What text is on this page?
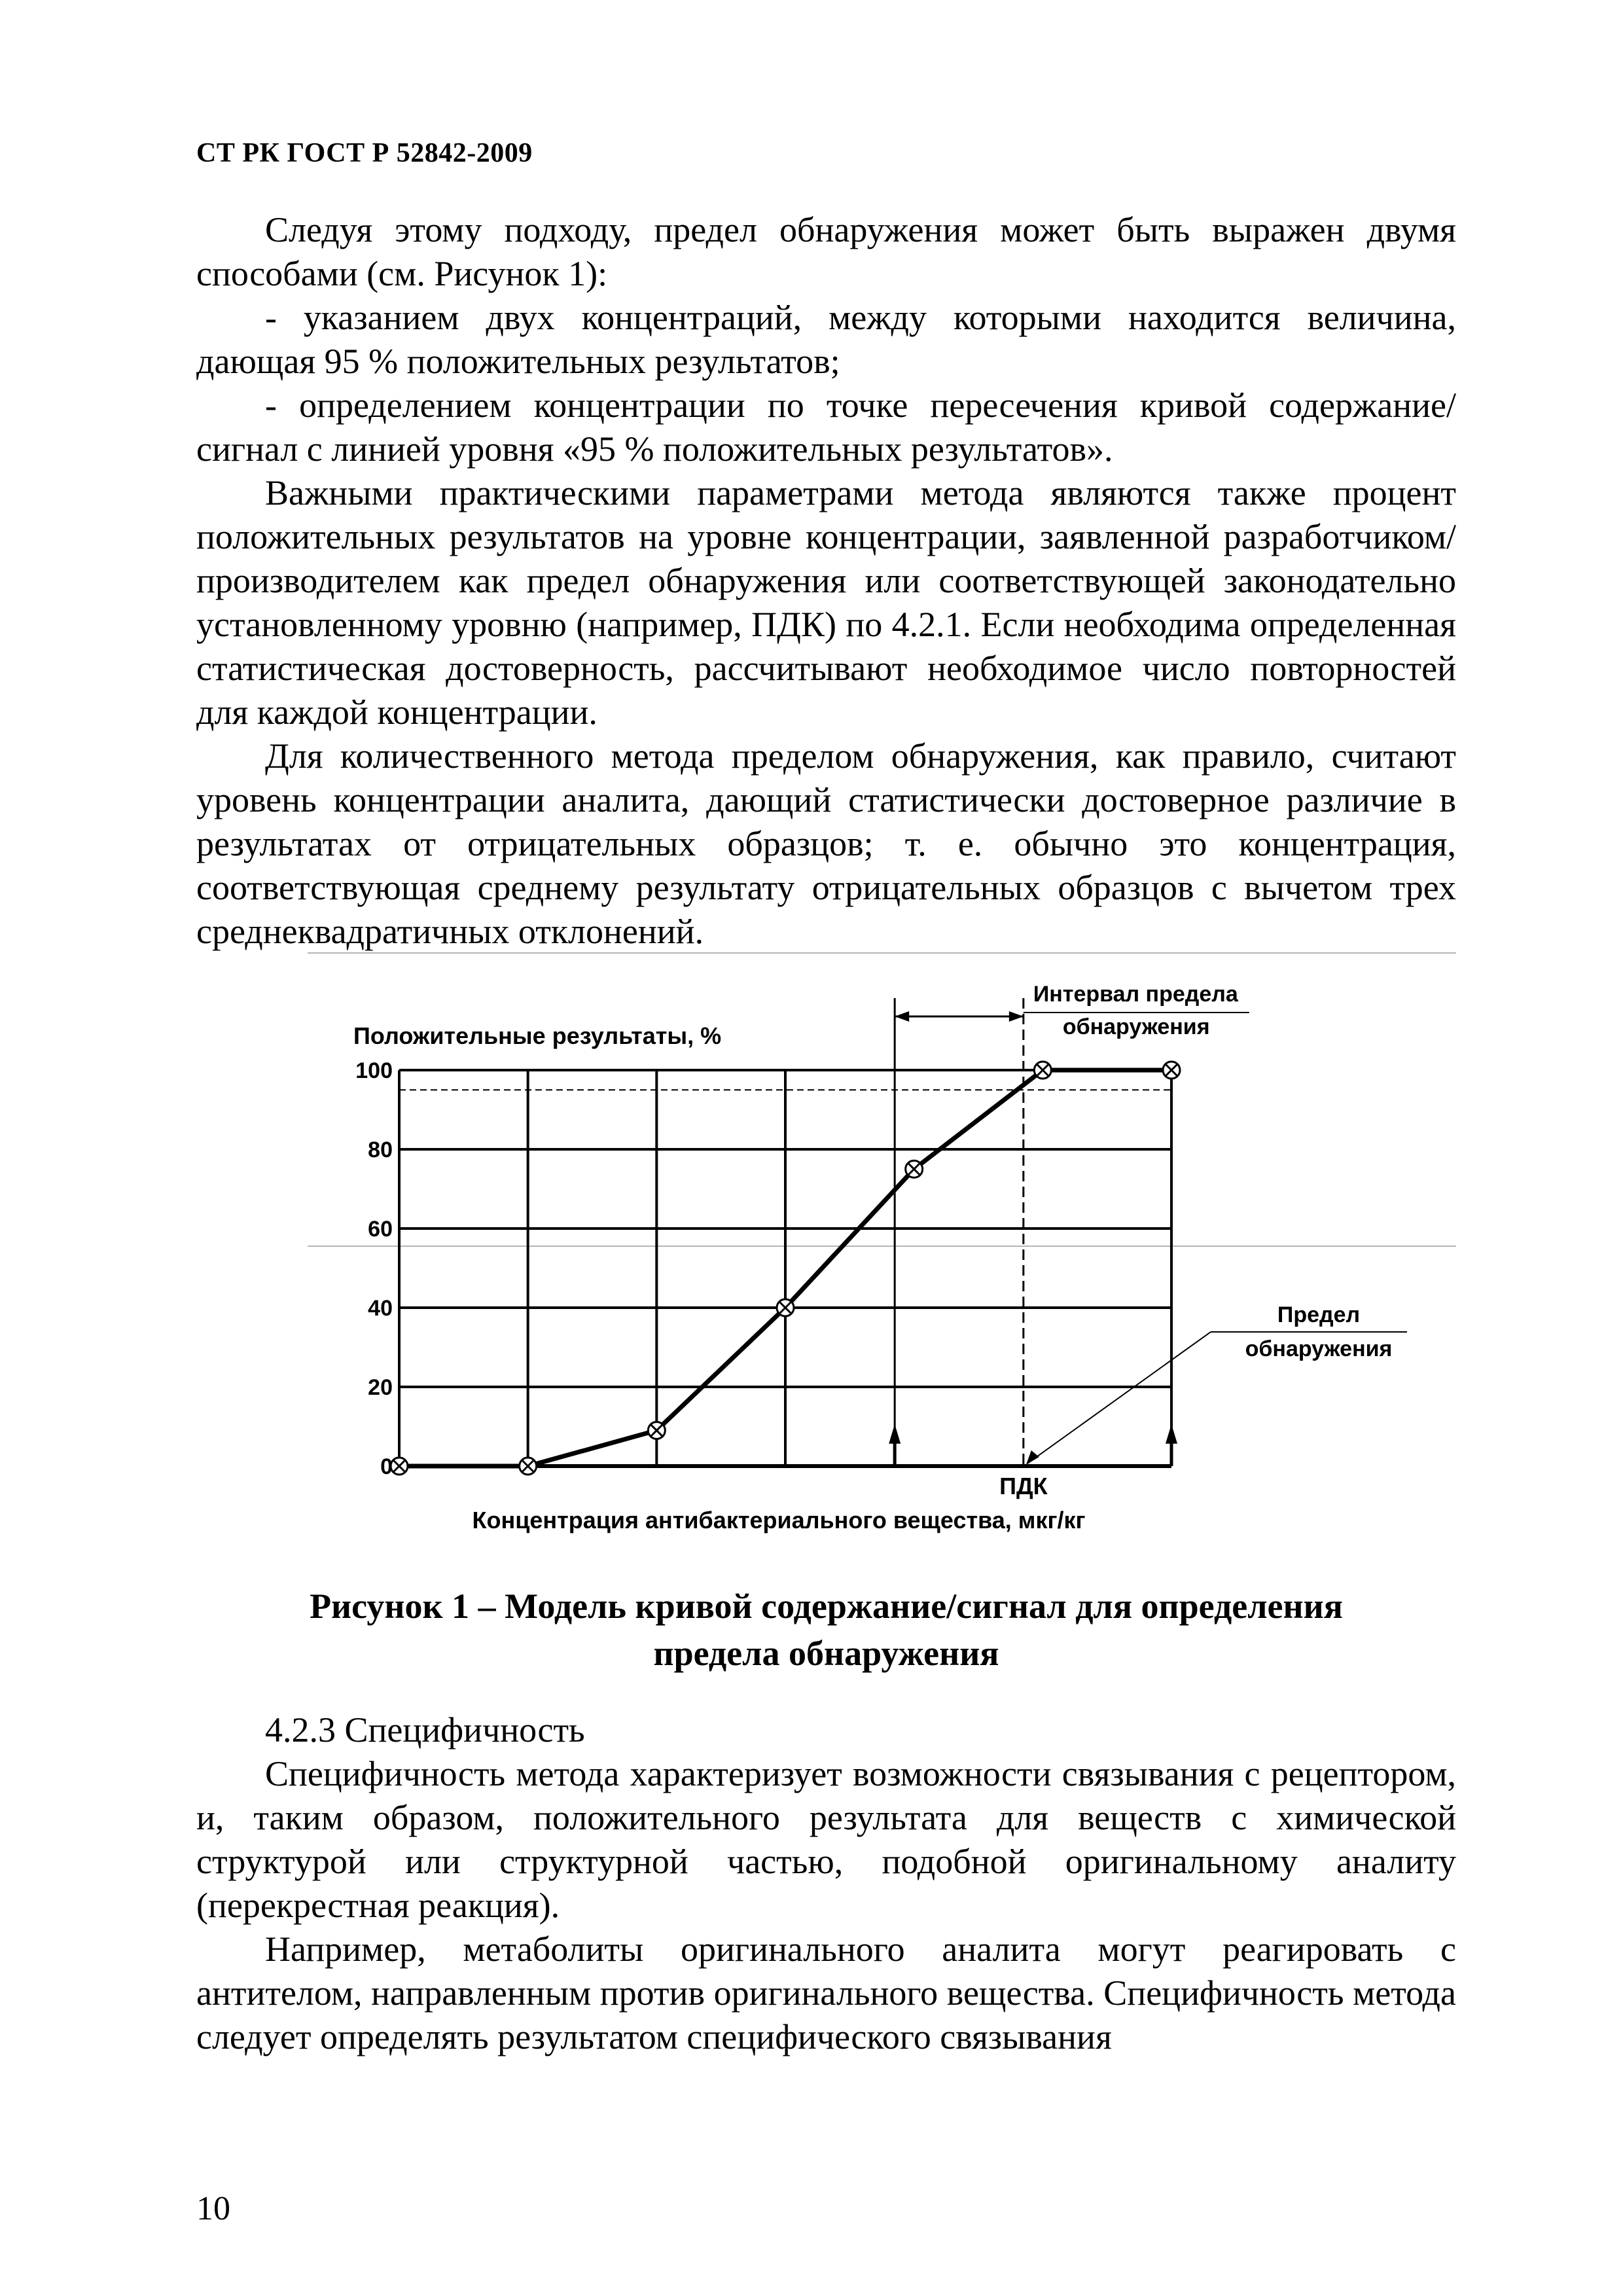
СТ РК ГОСТ Р 52842-2009

Следуя этому подходу, предел обнаружения может быть выражен двумя способами (см. Рисунок 1):

- указанием двух концентраций, между которыми находится величина, дающая 95 % положительных результатов;

- определением концентрации по точке пересечения кривой содержание/сигнал с линией уровня «95 % положительных результатов».

Важными практическими параметрами метода являются также процент положительных результатов на уровне концентрации, заявленной разработчиком/производителем как предел обнаружения или соответствующей законодательно установленному уровню (например, ПДК) по 4.2.1. Если необходима определенная статистическая достоверность, рассчитывают необходимое число повторностей для каждой концентрации.

Для количественного метода пределом обнаружения, как правило, считают уровень концентрации аналита, дающий статистически достоверное различие в результатах от отрицательных образцов; т. е. обычно это концентрация, соответствующая среднему результату отрицательных образцов с вычетом трех среднеквадратичных отклонений.

0
20
40
60
80
100
Положительные результаты, %
Концентрация антибактериального вещества, мкг/кг
Интервал предела
обнаружения
Предел
обнаружения
ПДК
Рисунок 1 – Модель кривой содержание/сигнал для определения
предела обнаружения

4.2.3 Специфичность

Специфичность метода характеризует возможности связывания с рецептором, и, таким образом, положительного результата для веществ с химической структурой или структурной частью, подобной оригинальному аналиту (перекрестная реакция).

Например, метаболиты оригинального аналита могут реагировать с антителом, направленным против оригинального вещества. Специфичность метода следует определять результатом специфического связывания

10
